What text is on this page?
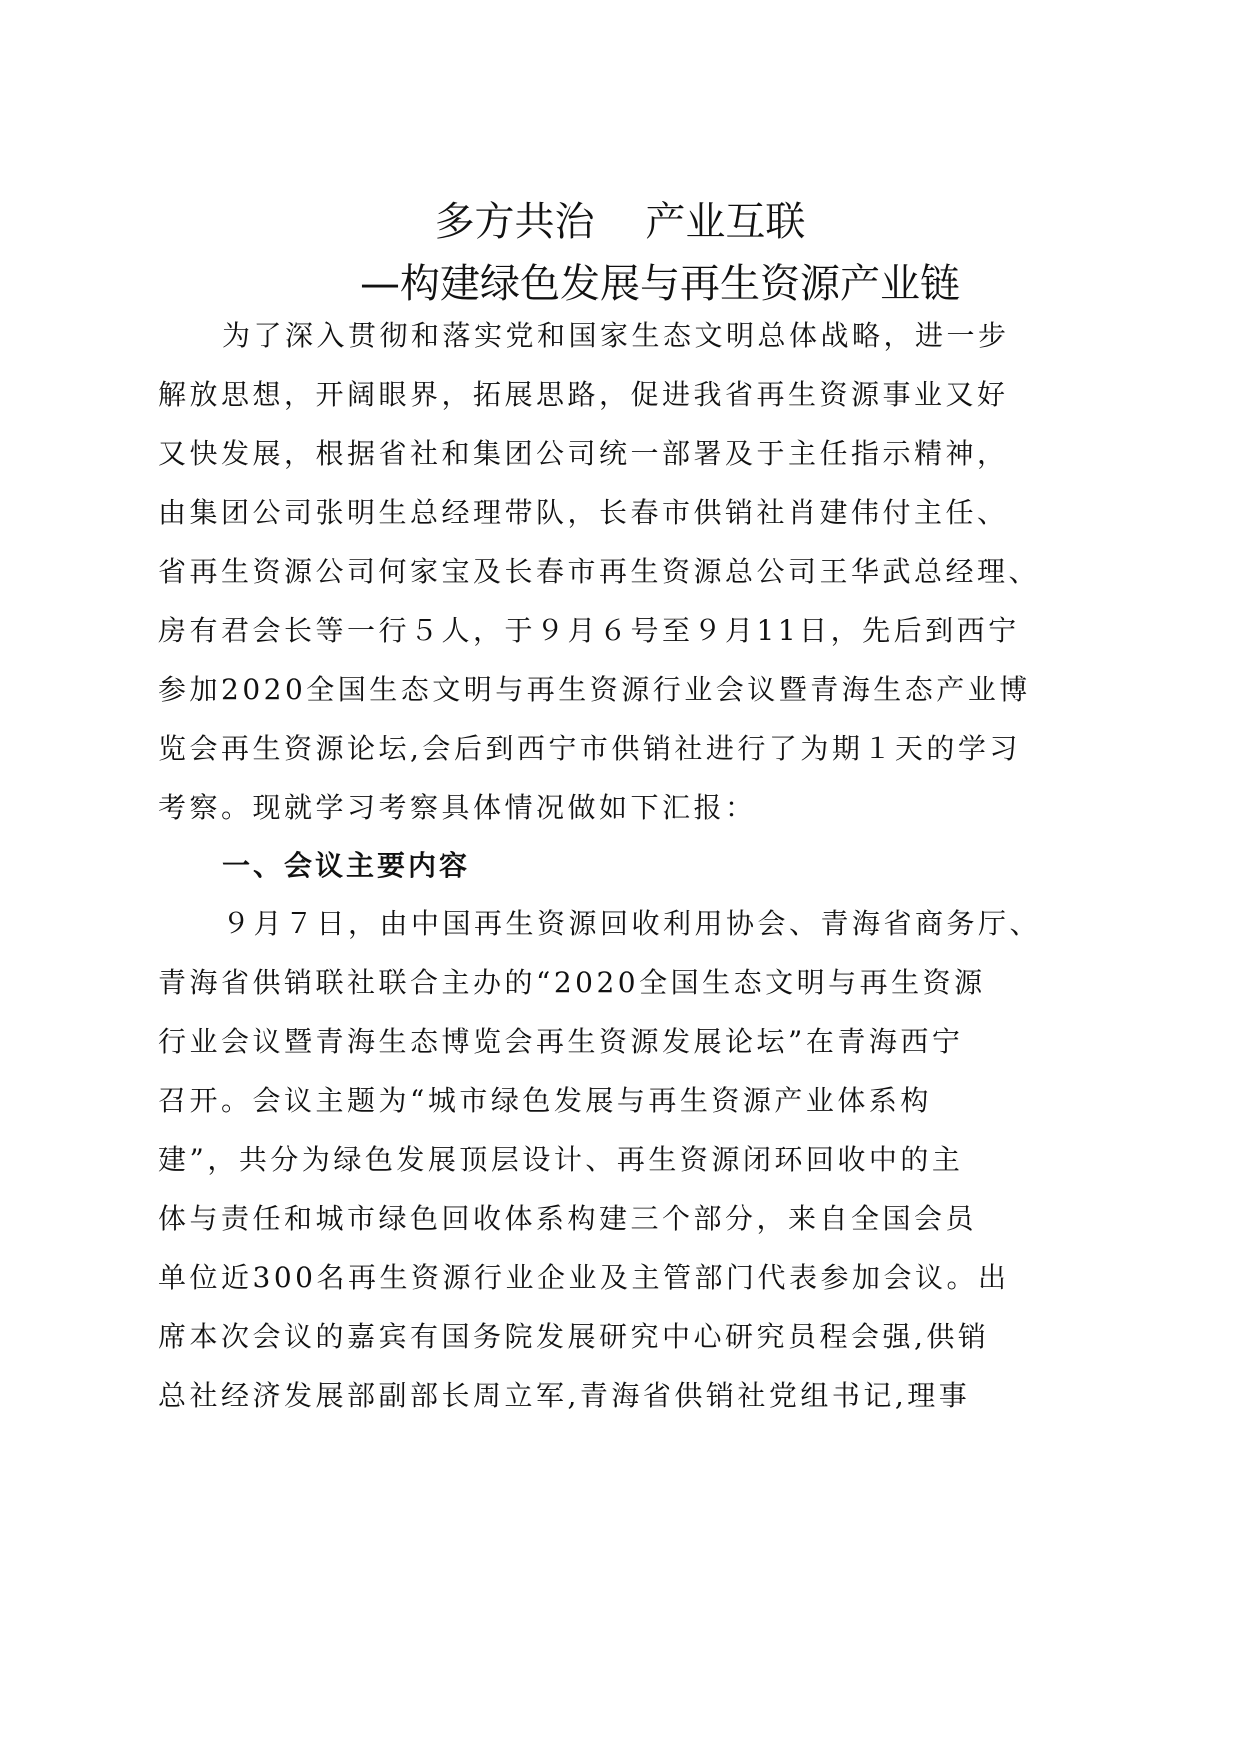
多方共治    产业互联
—构建绿色发展与再生资源产业链

为了深入贯彻和落实党和国家生态文明总体战略，进一步

解放思想，开阔眼界，拓展思路，促进我省再生资源事业又好

又快发展，根据省社和集团公司统一部署及于主任指示精神，

由集团公司张明生总经理带队，长春市供销社肖建伟付主任、

省再生资源公司何家宝及长春市再生资源总公司王华武总经理、

房有君会长等一行５人，于９月６号至９月11日，先后到西宁

参加2020全国生态文明与再生资源行业会议暨青海生态产业博

览会再生资源论坛,会后到西宁市供销社进行了为期１天的学习

考察。现就学习考察具体情况做如下汇报：

一、会议主要内容

９月７日，由中国再生资源回收利用协会、青海省商务厅、

青海省供销联社联合主办的“2020全国生态文明与再生资源

行业会议暨青海生态博览会再生资源发展论坛”在青海西宁

召开。会议主题为“城市绿色发展与再生资源产业体系构

建”，共分为绿色发展顶层设计、再生资源闭环回收中的主

体与责任和城市绿色回收体系构建三个部分，来自全国会员

单位近300名再生资源行业企业及主管部门代表参加会议。出

席本次会议的嘉宾有国务院发展研究中心研究员程会强,供销

总社经济发展部副部长周立军,青海省供销社党组书记,理事
